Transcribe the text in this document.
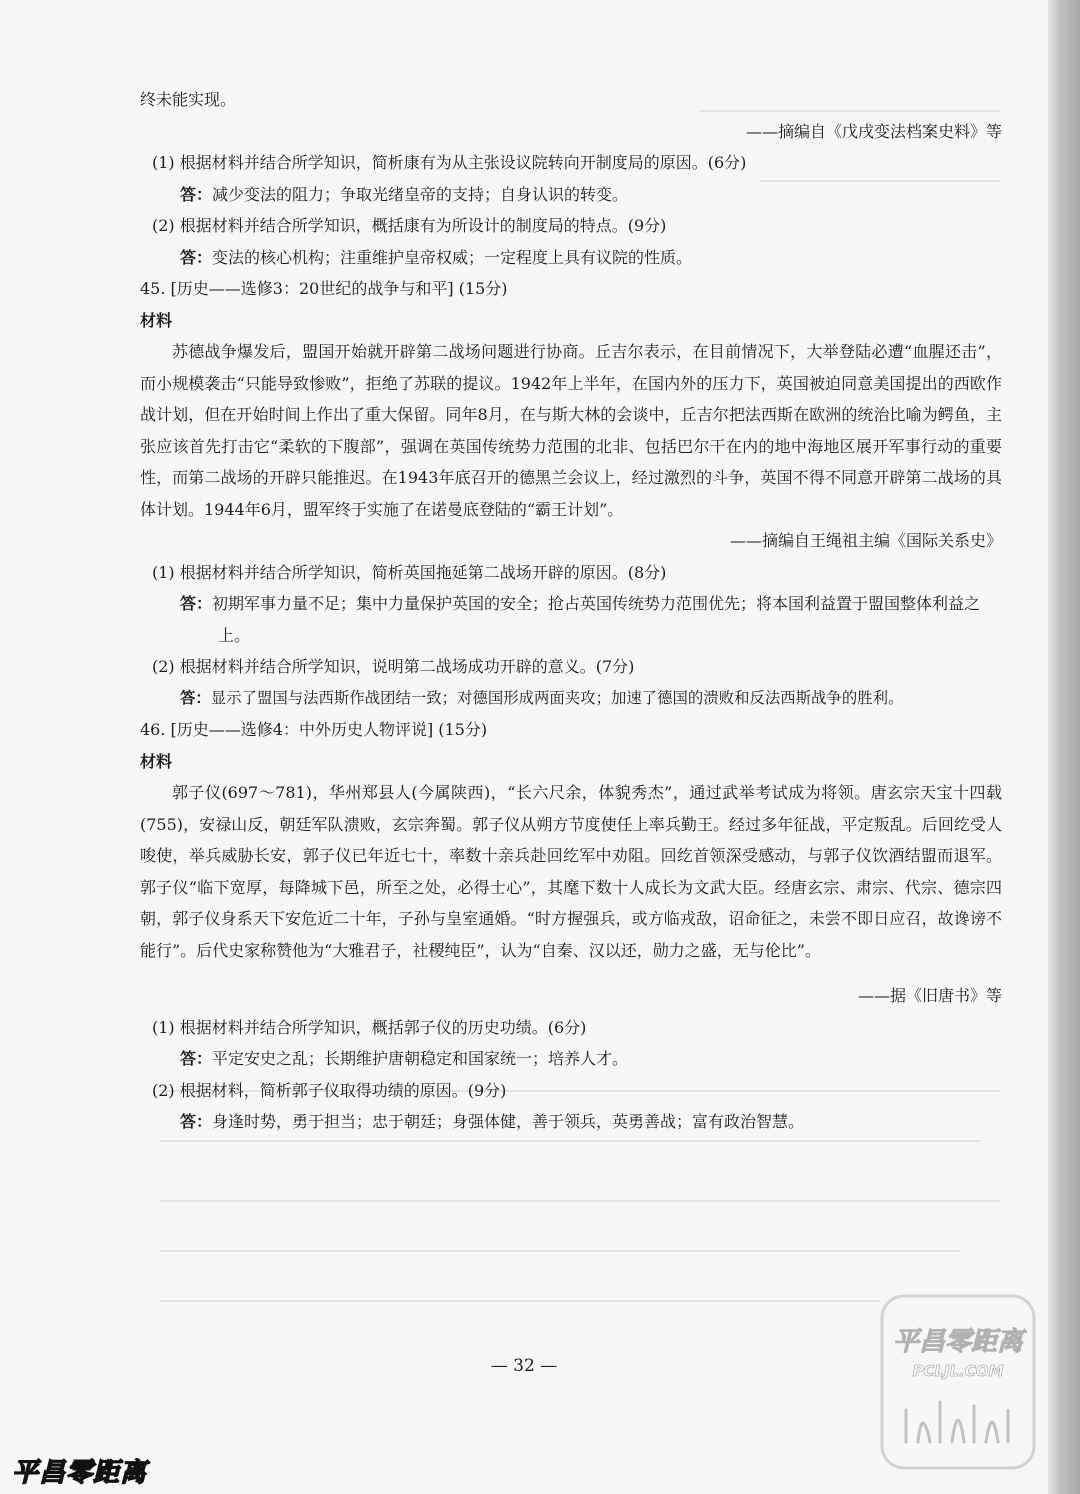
终未能实现。
——摘编自《戊戌变法档案史料》等
(1) 根据材料并结合所学知识，简析康有为从主张设议院转向开制度局的原因。(6分)
答：减少变法的阻力；争取光绪皇帝的支持；自身认识的转变。
(2) 根据材料并结合所学知识，概括康有为所设计的制度局的特点。(9分)
答：变法的核心机构；注重维护皇帝权威；一定程度上具有议院的性质。
45. [历史——选修3：20世纪的战争与和平] (15分)
材料
苏德战争爆发后，盟国开始就开辟第二战场问题进行协商。丘吉尔表示，在目前情况下，大举登陆必遭“血腥还击”，而小规模袭击“只能导致惨败”，拒绝了苏联的提议。1942年上半年，在国内外的压力下，英国被迫同意美国提出的西欧作战计划，但在开始时间上作出了重大保留。同年8月，在与斯大林的会谈中，丘吉尔把法西斯在欧洲的统治比喻为鳄鱼，主张应该首先打击它“柔软的下腹部”，强调在英国传统势力范围的北非、包括巴尔干在内的地中海地区展开军事行动的重要性，而第二战场的开辟只能推迟。在1943年底召开的德黑兰会议上，经过激烈的斗争，英国不得不同意开辟第二战场的具体计划。1944年6月，盟军终于实施了在诺曼底登陆的“霸王计划”。
——摘编自王绳祖主编《国际关系史》
(1) 根据材料并结合所学知识，简析英国拖延第二战场开辟的原因。(8分)
答：初期军事力量不足；集中力量保护英国的安全；抢占英国传统势力范围优先；将本国利益置于盟国整体利益之上。
(2) 根据材料并结合所学知识，说明第二战场成功开辟的意义。(7分)
答：显示了盟国与法西斯作战团结一致；对德国形成两面夹攻；加速了德国的溃败和反法西斯战争的胜利。
46. [历史——选修4：中外历史人物评说] (15分)
材料
郭子仪(697～781)，华州郑县人(今属陕西)，“长六尺余，体貌秀杰”，通过武举考试成为将领。唐玄宗天宝十四载(755)，安禄山反，朝廷军队溃败，玄宗奔蜀。郭子仪从朔方节度使任上率兵勤王。经过多年征战，平定叛乱。后回纥受人唆使，举兵威胁长安，郭子仪已年近七十，率数十亲兵赴回纥军中劝阻。回纥首领深受感动，与郭子仪饮酒结盟而退军。郭子仪“临下宽厚，每降城下邑，所至之处，必得士心”，其麾下数十人成长为文武大臣。经唐玄宗、肃宗、代宗、德宗四朝，郭子仪身系天下安危近二十年，子孙与皇室通婚。“时方握强兵，或方临戎敌，诏命征之，未尝不即日应召，故谗谤不能行”。后代史家称赞他为“大雅君子，社稷纯臣”，认为“自秦、汉以还，勋力之盛，无与伦比”。
——据《旧唐书》等
(1) 根据材料并结合所学知识，概括郭子仪的历史功绩。(6分)
答：平定安史之乱；长期维护唐朝稳定和国家统一；培养人才。
(2) 根据材料，简析郭子仪取得功绩的原因。(9分)
答：身逢时势，勇于担当；忠于朝廷；身强体健，善于领兵，英勇善战；富有政治智慧。
— 32 —
平昌零距离
PCLJL.COM
平昌零距离
